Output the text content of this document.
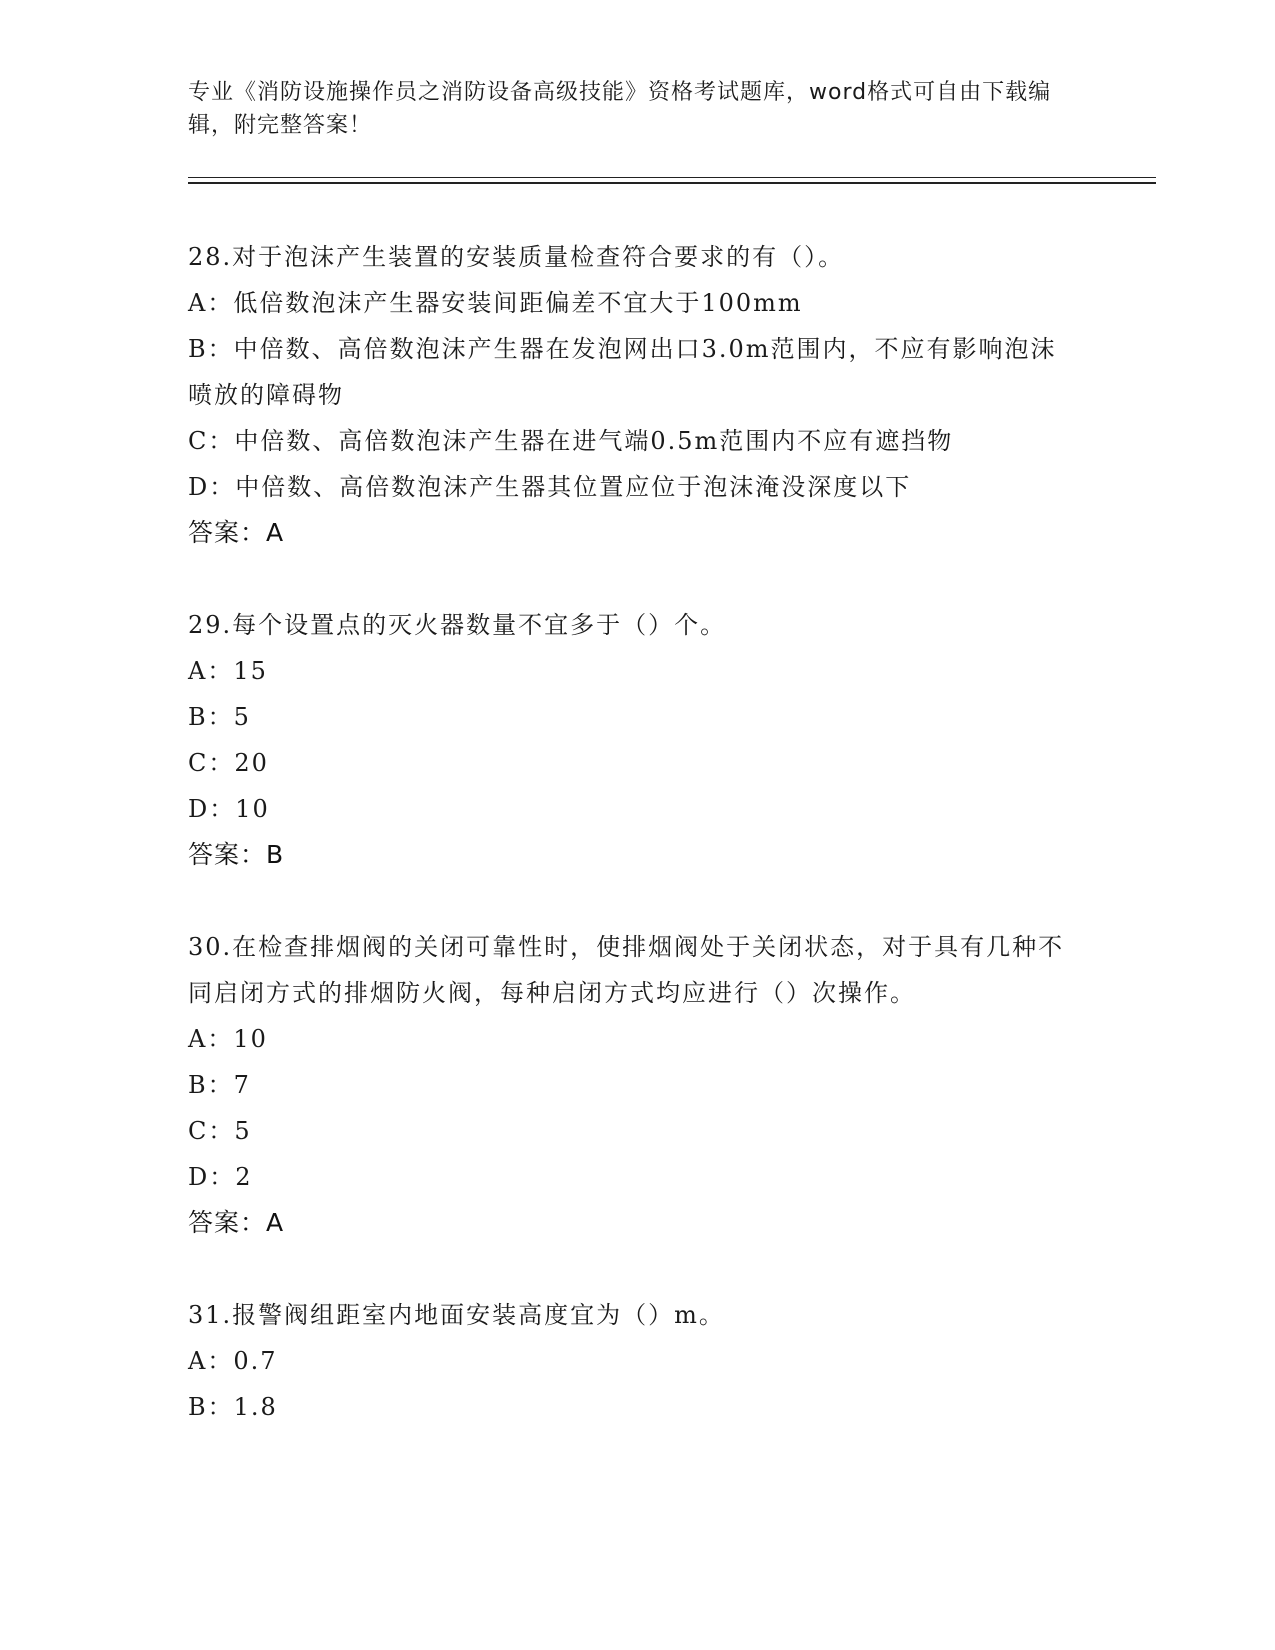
专业《消防设施操作员之消防设备高级技能》资格考试题库，word格式可自由下载编辑，附完整答案！
28.对于泡沫产生装置的安装质量检查符合要求的有（）。
A：低倍数泡沫产生器安装间距偏差不宜大于100mm
B：中倍数、高倍数泡沫产生器在发泡网出口3.0m范围内，不应有影响泡沫喷放的障碍物
C：中倍数、高倍数泡沫产生器在进气端0.5m范围内不应有遮挡物
D：中倍数、高倍数泡沫产生器其位置应位于泡沫淹没深度以下
答案：A
29.每个设置点的灭火器数量不宜多于（）个。
A：15
B：5
C：20
D：10
答案：B
30.在检查排烟阀的关闭可靠性时，使排烟阀处于关闭状态，对于具有几种不同启闭方式的排烟防火阀，每种启闭方式均应进行（）次操作。
A：10
B：7
C：5
D：2
答案：A
31.报警阀组距室内地面安装高度宜为（）m。
A：0.7
B：1.8
